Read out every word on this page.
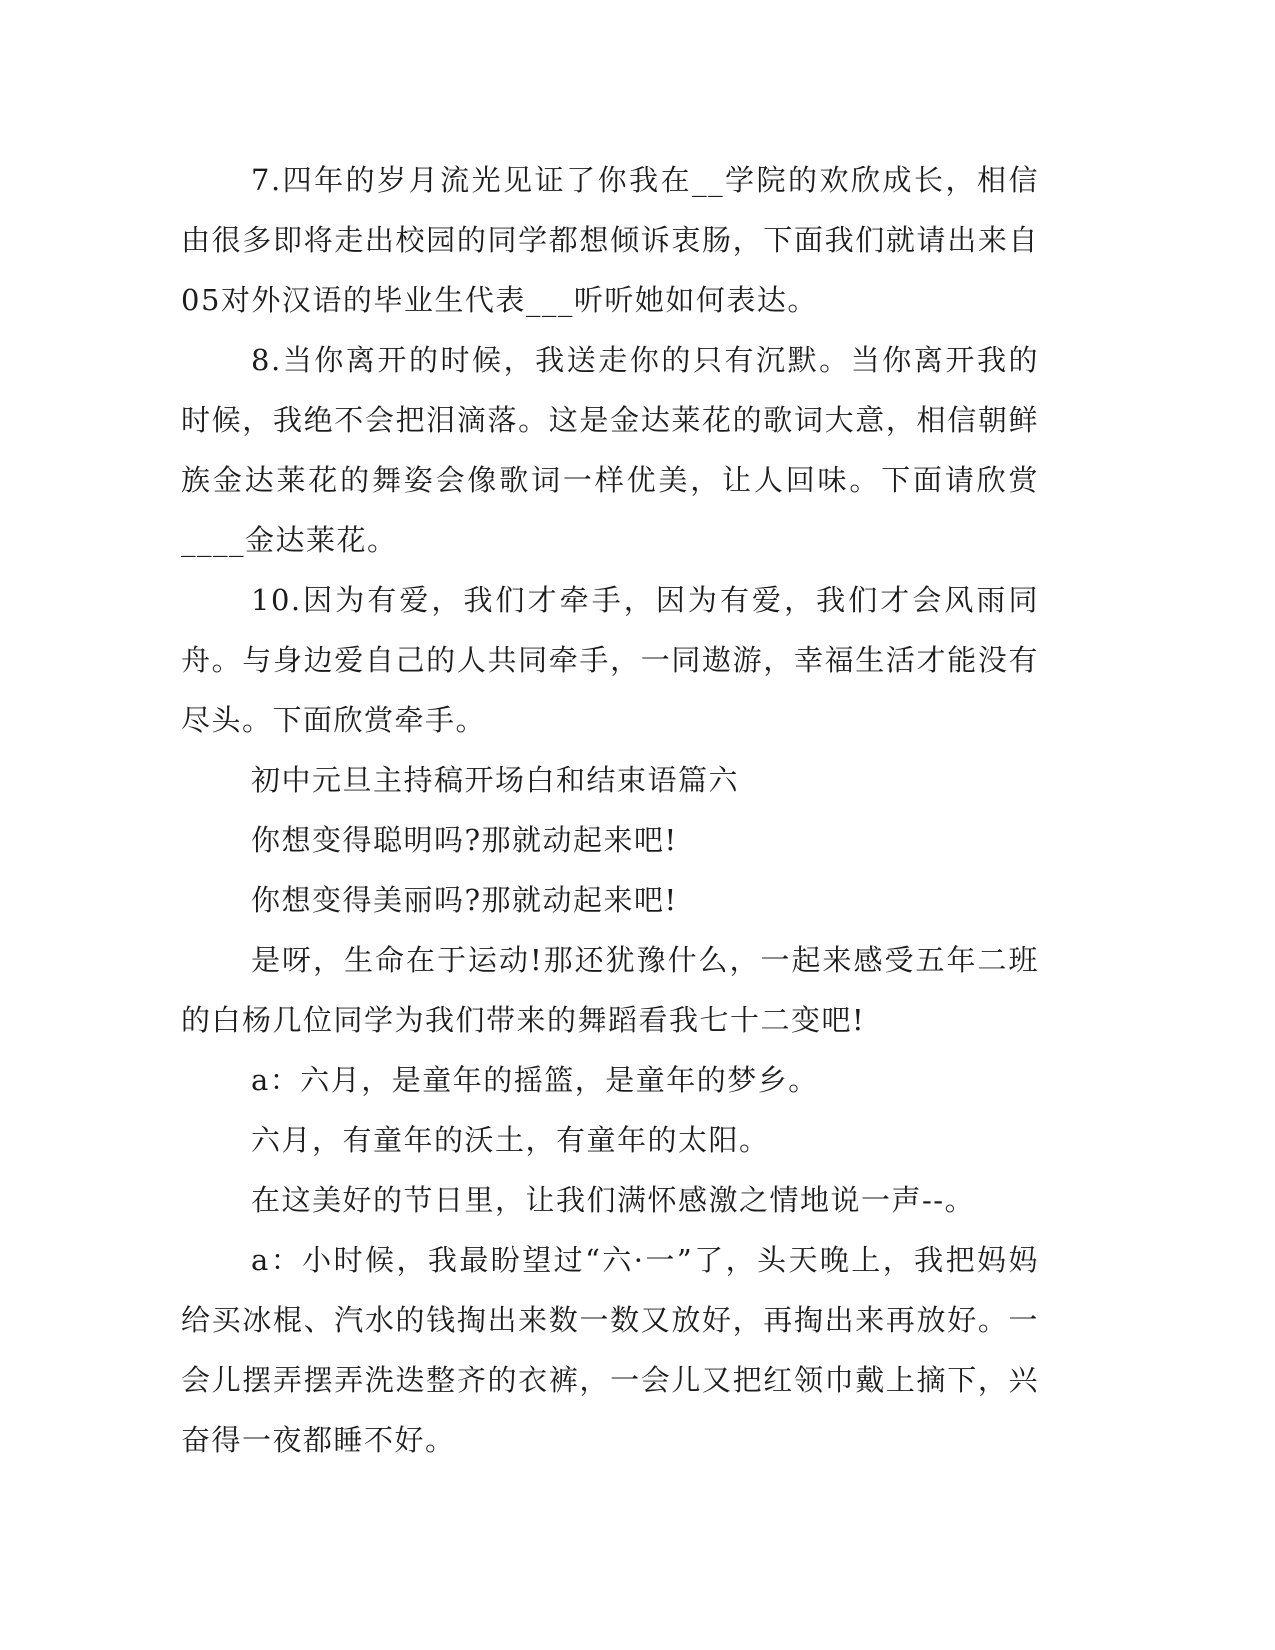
7.四年的岁月流光见证了你我在__学院的欢欣成长，相信由很多即将走出校园的同学都想倾诉衷肠，下面我们就请出来自05对外汉语的毕业生代表___听听她如何表达。

8.当你离开的时候，我送走你的只有沉默。当你离开我的时候，我绝不会把泪滴落。这是金达莱花的歌词大意，相信朝鲜族金达莱花的舞姿会像歌词一样优美，让人回味。下面请欣赏____金达莱花。

10.因为有爱，我们才牵手，因为有爱，我们才会风雨同舟。与身边爱自己的人共同牵手，一同遨游，幸福生活才能没有尽头。下面欣赏牵手。

初中元旦主持稿开场白和结束语篇六

你想变得聪明吗?那就动起来吧!

你想变得美丽吗?那就动起来吧!

是呀，生命在于运动!那还犹豫什么，一起来感受五年二班的白杨几位同学为我们带来的舞蹈看我七十二变吧!

a：六月，是童年的摇篮，是童年的梦乡。

六月，有童年的沃土，有童年的太阳。

在这美好的节日里，让我们满怀感激之情地说一声--。

a：小时候，我最盼望过“六·一”了，头天晚上，我把妈妈给买冰棍、汽水的钱掏出来数一数又放好，再掏出来再放好。一会儿摆弄摆弄洗迭整齐的衣裤，一会儿又把红领巾戴上摘下，兴奋得一夜都睡不好。
